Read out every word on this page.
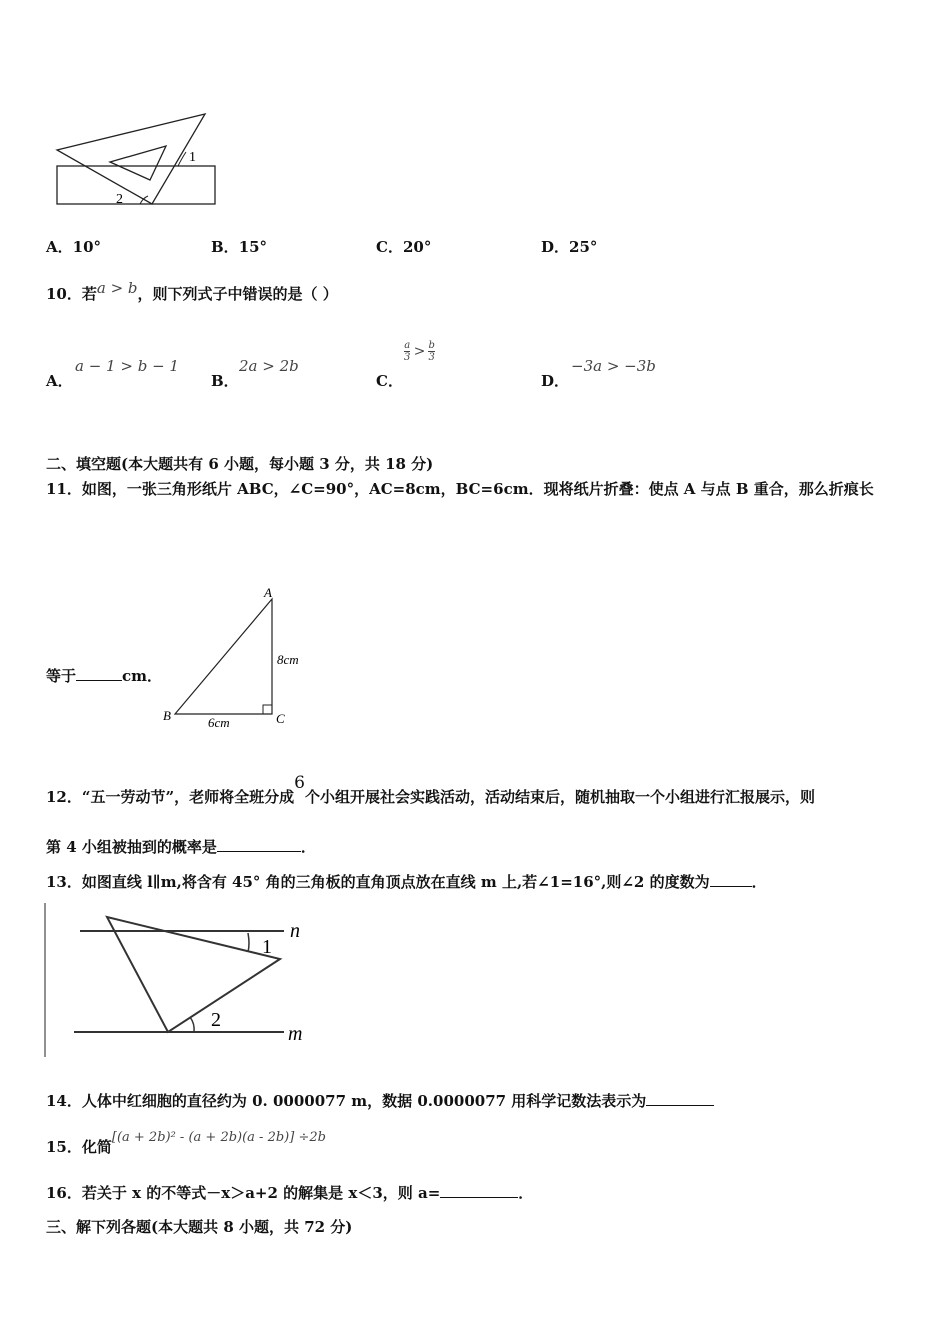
1
2
A．10°	B．15°	C．20°	D．25°
10．若a > b，则下列式子中错误的是（ ）
A．
a − 1 > b − 1
B．
2a > 2b
C．
$\frac{a}{3} > \frac{b}{3}$
D．
−3a > −3b
二、填空题(本大题共有 6 小题，每小题 3 分，共 18 分)
11．如图，一张三角形纸片 ABC，∠C=90°，AC=8cm，BC=6cm．现将纸片折叠：使点 A 与点 B 重合，那么折痕长
A
B	C
8cm
6cm
等于	cm．
12．“五一劳动节”，老师将全班分成6个小组开展社会实践活动，活动结束后，随机抽取一个小组进行汇报展示，则
第 4 小组被抽到的概率是	．
13．如图直线 l∥m,将含有 45° 角的三角板的直角顶点放在直线 m 上,若∠1=16°,则∠2 的度数为	．
n
m
1
2
14．人体中红细胞的直径约为 0. 0000077 m，数据 0.0000077 用科学记数法表示为
15．化简[(a + 2b)² - (a + 2b)(a - 2b)] ÷2b
16．若关于 x 的不等式－x＞a+2 的解集是 x＜3，则 a=	．
三、解下列各题(本大题共 8 小题，共 72 分)
